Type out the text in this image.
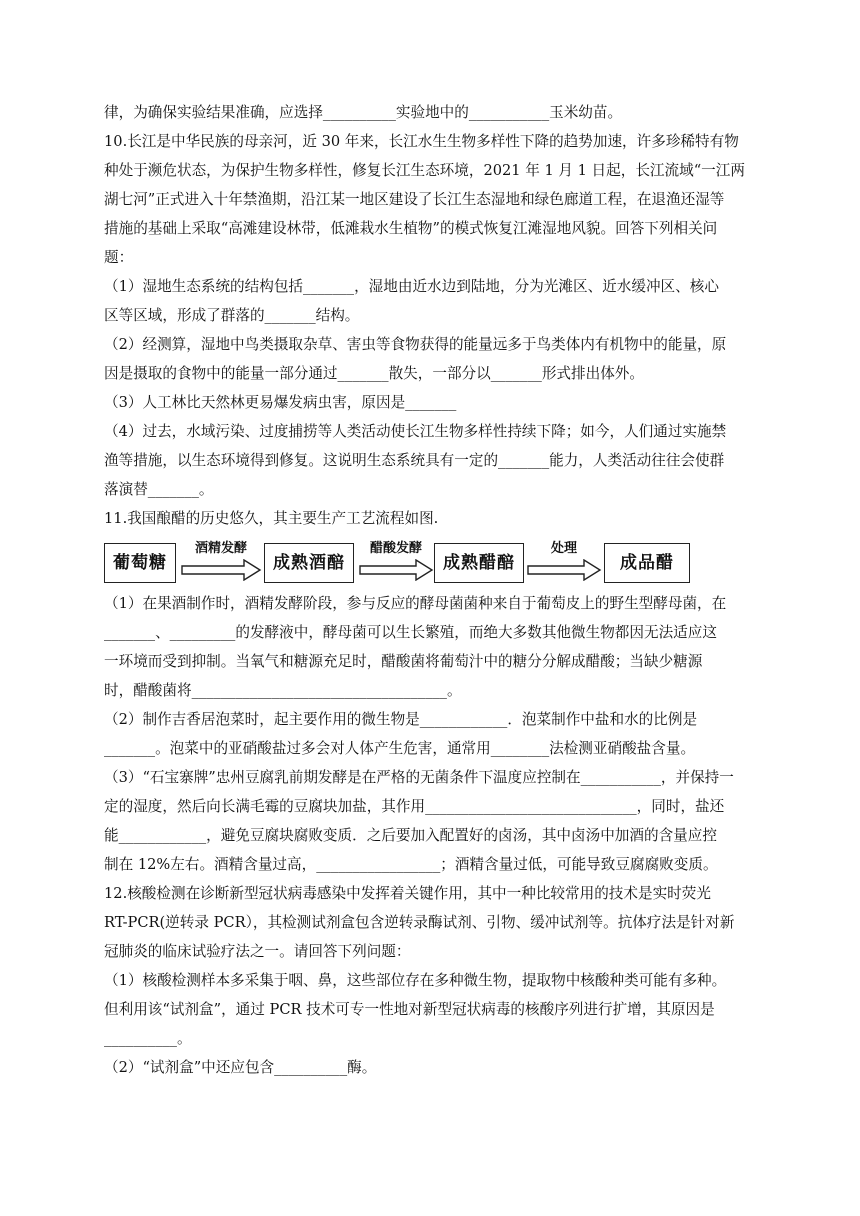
律，为确保实验结果准确，应选择__________实验地中的___________玉米幼苗。
10.长江是中华民族的母亲河，近 30 年来，长江水生生物多样性下降的趋势加速，许多珍稀特有物
种处于濒危状态，为保护生物多样性，修复长江生态环境，2021 年 1 月 1 日起，长江流域“一江两
湖七河”正式进入十年禁渔期，沿江某一地区建设了长江生态湿地和绿色廊道工程，在退渔还湿等
措施的基础上采取“高滩建设林带，低滩栽水生植物”的模式恢复江滩湿地风貌。回答下列相关问
题：
（1）湿地生态系统的结构包括_______，湿地由近水边到陆地，分为光滩区、近水缓冲区、核心
区等区域，形成了群落的_______结构。
（2）经测算，湿地中鸟类摄取杂草、害虫等食物获得的能量远多于鸟类体内有机物中的能量，原
因是摄取的食物中的能量一部分通过_______散失，一部分以_______形式排出体外。
（3）人工林比天然林更易爆发病虫害，原因是_______
（4）过去，水域污染、过度捕捞等人类活动使长江生物多样性持续下降；如今，人们通过实施禁
渔等措施，以生态环境得到修复。这说明生态系统具有一定的_______能力，人类活动往往会使群
落演替_______。
11.我国酿醋的历史悠久，其主要生产工艺流程如图.
葡萄糖
酒精发酵
成熟酒醅
醋酸发酵
成熟醋醅
处理
成品醋
（1）在果酒制作时，酒精发酵阶段，参与反应的酵母菌菌种来自于葡萄皮上的野生型酵母菌，在
_______、_________的发酵液中，酵母菌可以生长繁殖，而绝大多数其他微生物都因无法适应这
一环境而受到抑制。当氧气和糖源充足时，醋酸菌将葡萄汁中的糖分分解成醋酸；当缺少糖源
时，醋酸菌将___________________________________。
（2）制作吉香居泡菜时，起主要作用的微生物是____________．泡菜制作中盐和水的比例是
_______。泡菜中的亚硝酸盐过多会对人体产生危害，通常用________法检测亚硝酸盐含量。
（3）“石宝寨牌”忠州豆腐乳前期发酵是在严格的无菌条件下温度应控制在___________，并保持一
定的湿度，然后向长满毛霉的豆腐块加盐，其作用_____________________________，同时，盐还
能____________，避免豆腐块腐败变质．之后要加入配置好的卤汤，其中卤汤中加酒的含量应控
制在 12%左右。酒精含量过高，_________________；酒精含量过低，可能导致豆腐腐败变质。
12.核酸检测在诊断新型冠状病毒感染中发挥着关键作用，其中一种比较常用的技术是实时荧光
RT-PCR(逆转录 PCR），其检测试剂盒包含逆转录酶试剂、引物、缓冲试剂等。抗体疗法是针对新
冠肺炎的临床试验疗法之一。请回答下列问题：
（1）核酸检测样本多采集于咽、鼻，这些部位存在多种微生物，提取物中核酸种类可能有多种。
但利用该“试剂盒”，通过 PCR 技术可专一性地对新型冠状病毒的核酸序列进行扩增，其原因是
__________。
（2）“试剂盒”中还应包含__________酶。
